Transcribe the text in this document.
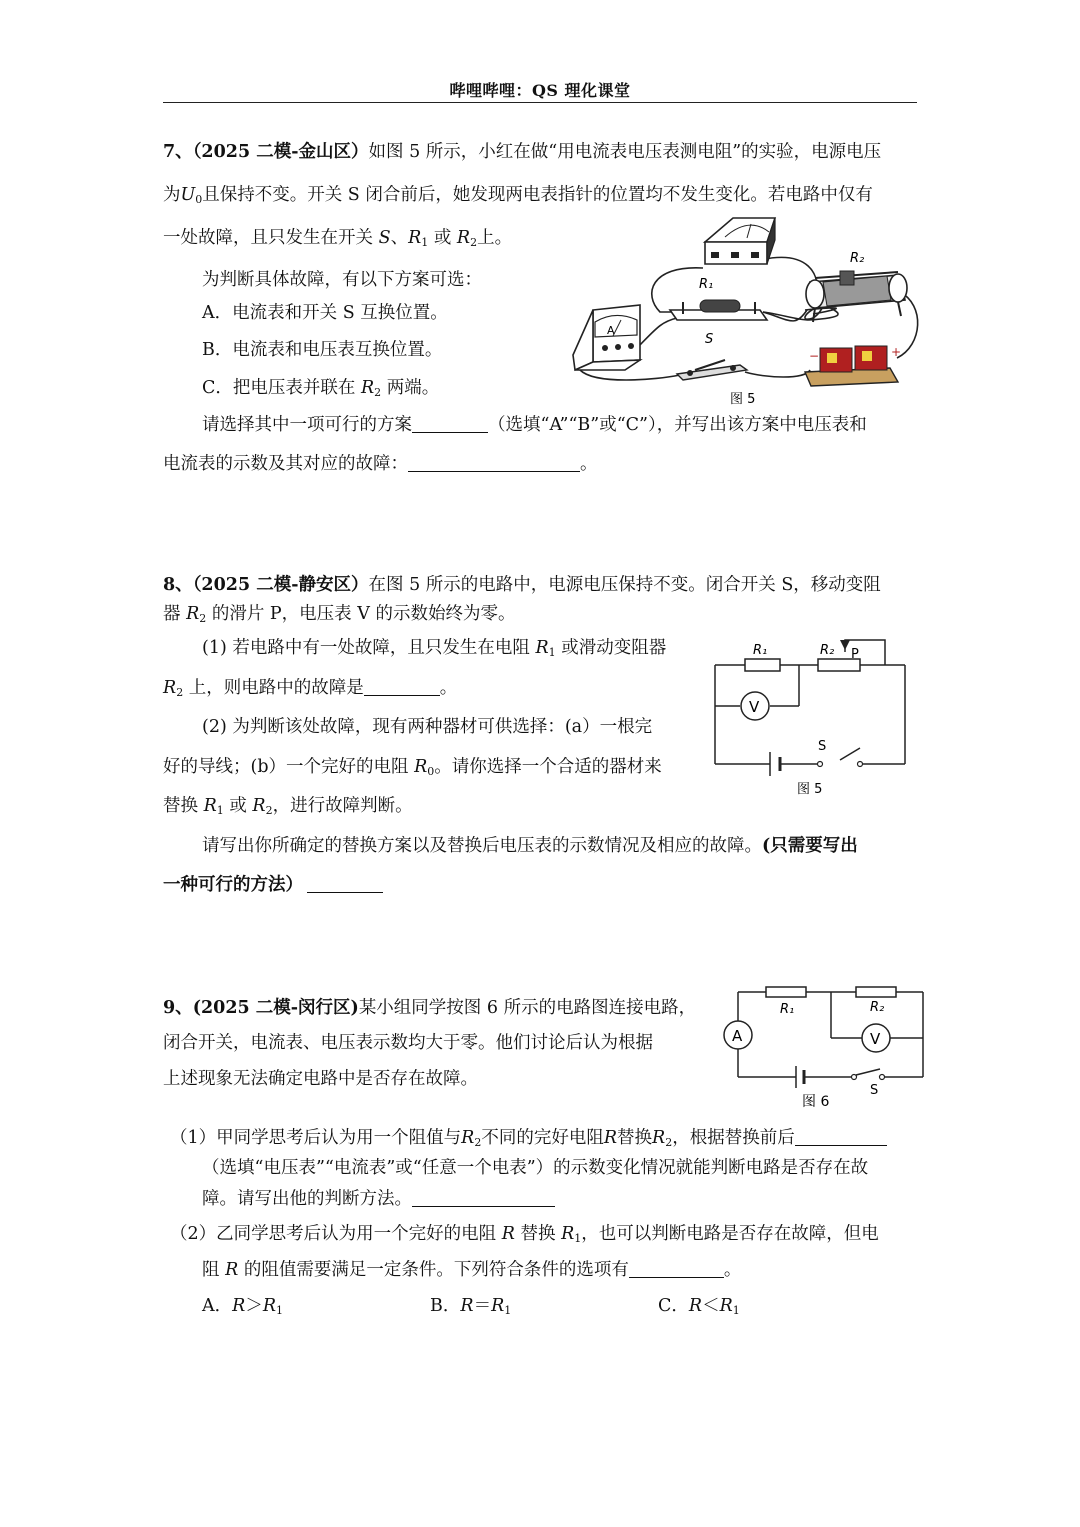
哔哩哔哩：QS 理化课堂
7、（2025 二模-金山区）如图 5 所示，小红在做“用电流表电压表测电阻”的实验，电源电压
为$U_0$且保持不变。开关 S 闭合前后，她发现两电表指针的位置均不发生变化。若电路中仅有
一处故障，且只发生在开关 S、$R_1$ 或 $R_2$上。
为判断具体故障，有以下方案可选：
A．电流表和开关 S 互换位置。
B．电流表和电压表互换位置。
C．把电压表并联在 $R_2$ 两端。
请选择其中一项可行的方案	（选填“A”“B”或“C”），并写出该方案中电压表和
电流表的示数及其对应的故障：	。
R₁
R₂
A
S
−	+
图 5
8、（2025 二模-静安区）在图 5 所示的电路中，电源电压保持不变。闭合开关 S，移动变阻
器 $R_2$ 的滑片 P，电压表 V 的示数始终为零。
(1) 若电路中有一处故障，且只发生在电阻 $R_1$ 或滑动变阻器
$R_2$ 上，则电路中的故障是	。
(2) 为判断该处故障，现有两种器材可供选择：(a）一根完
好的导线；(b）一个完好的电阻 $R_0$。请你选择一个合适的器材来
替换 $R_1$ 或 $R_2$，进行故障判断。
请写出你所确定的替换方案以及替换后电压表的示数情况及相应的故障。(只需要写出
一种可行的方法）
V
R₁	R₂ P
S
图 5
9、(2025 二模-闵行区)某小组同学按图 6 所示的电路图连接电路，
闭合开关，电流表、电压表示数均大于零。他们讨论后认为根据
上述现象无法确定电路中是否存在故障。
（1）甲同学思考后认为用一个阻值与$R_2$不同的完好电阻R替换$R_2$，根据替换前后
（选填“电压表”“电流表”或“任意一个电表”）的示数变化情况就能判断电路是否存在故
障。请写出他的判断方法。
（2）乙同学思考后认为用一个完好的电阻 R 替换 $R_1$，也可以判断电路是否存在故障，但电
阻 R 的阻值需要满足一定条件。下列符合条件的选项有	。
A．$R>R_1$	B．$R=R_1$	C．$R<R_1$
A	V
R₁	R₂
S
图 6
